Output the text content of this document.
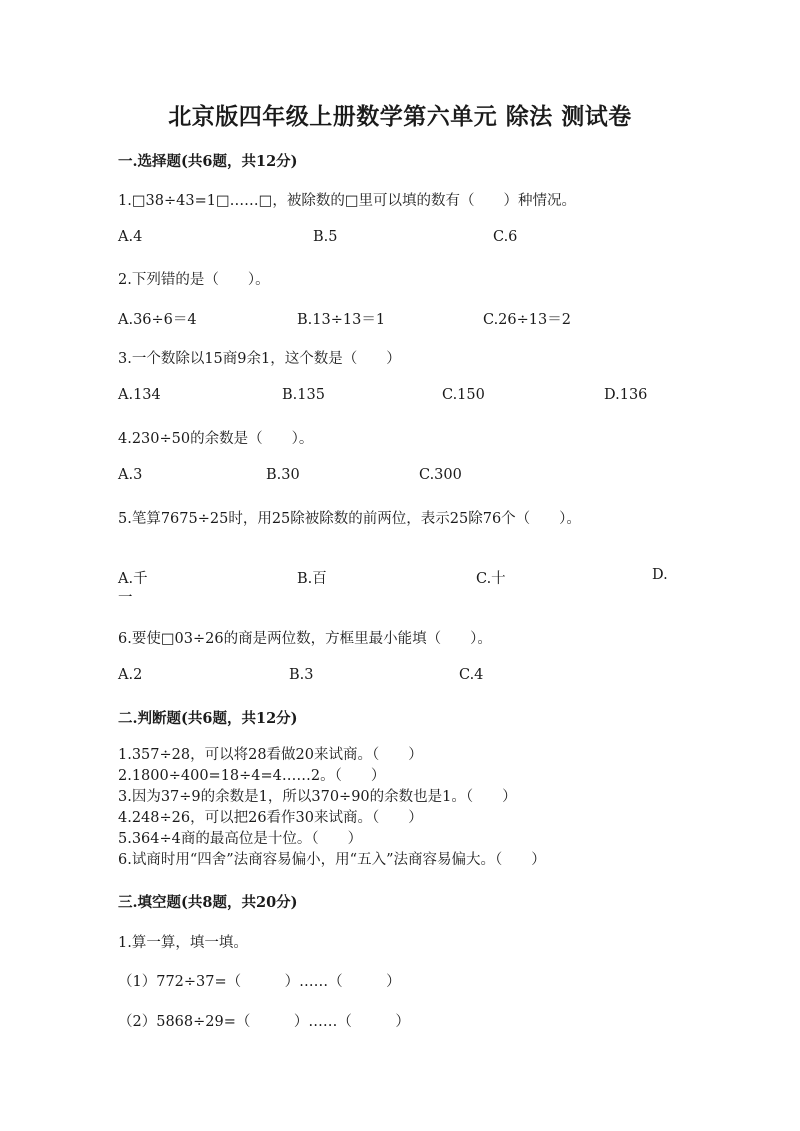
北京版四年级上册数学第六单元 除法 测试卷
一.选择题(共6题，共12分)
1.□38÷43=1□……□，被除数的□里可以填的数有（　　）种情况。
A.4	B.5	C.6
2.下列错的是（　　）。
A.36÷6＝4	B.13÷13＝1	C.26÷13＝2
3.一个数除以15商9余1，这个数是（　　）
A.134	B.135	C.150	D.136
4.230÷50的余数是（　　）。
A.3	B.30	C.300
5.笔算7675÷25时，用25除被除数的前两位，表示25除76个（　　）。
A.千	B.百	C.十	D.
一
6.要使□03÷26的商是两位数，方框里最小能填（　　）。
A.2	B.3	C.4
二.判断题(共6题，共12分)
1.357÷28，可以将28看做20来试商。（　　）
2.1800÷400=18÷4=4……2。（　　）
3.因为37÷9的余数是1，所以370÷90的余数也是1。（　　）
4.248÷26，可以把26看作30来试商。（　　）
5.364÷4商的最高位是十位。（　　）
6.试商时用“四舍”法商容易偏小，用“五入”法商容易偏大。（　　）
三.填空题(共8题，共20分)
1.算一算，填一填。
（1）772÷37=（　　　）……（　　　）
（2）5868÷29=（　　　）……（　　　）
